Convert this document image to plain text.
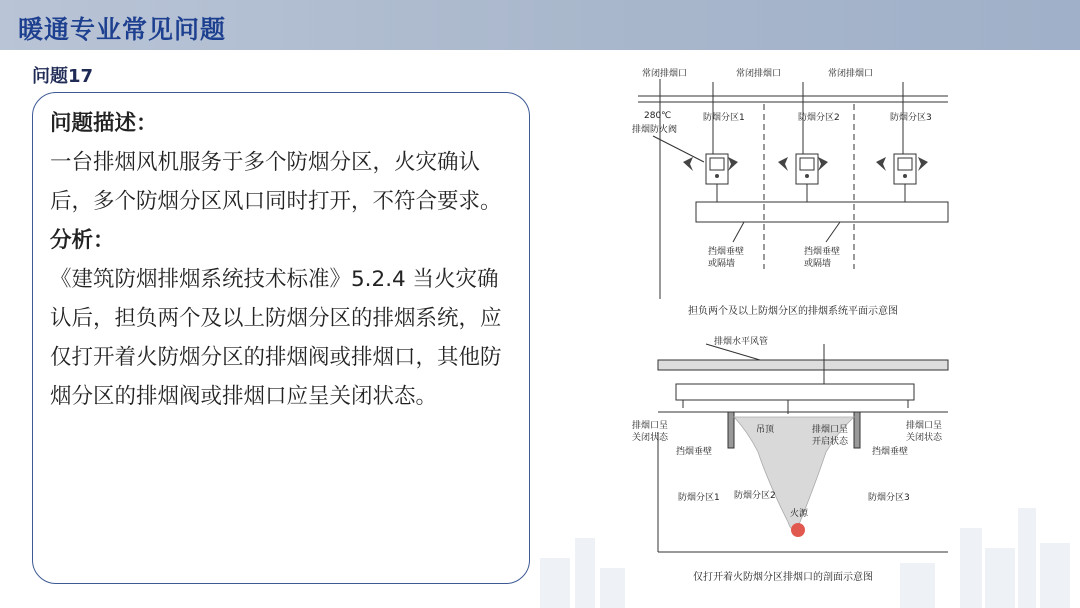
暖通专业常见问题
问题17
问题描述：

一台排烟风机服务于多个防烟分区，火灾确认后，多个防烟分区风口同时打开，不符合要求。

分析：

《建筑防烟排烟系统技术标准》5.2.4 当火灾确认后，担负两个及以上防烟分区的排烟系统，应仅打开着火防烟分区的排烟阀或排烟口，其他防烟分区的排烟阀或排烟口应呈关闭状态。

常闭排烟口	常闭排烟口	常闭排烟口
280℃
排烟防火阀
防烟分区1	防烟分区2	防烟分区3
挡烟垂壁
或隔墙
挡烟垂壁
或隔墙
担负两个及以上防烟分区的排烟系统平面示意图
排烟水平风管
吊顶
排烟口呈
关闭状态
排烟口呈
开启状态
排烟口呈
关闭状态
挡烟垂壁	挡烟垂壁
防烟分区1 防烟分区2	防烟分区3
火源
仅打开着火防烟分区排烟口的剖面示意图
